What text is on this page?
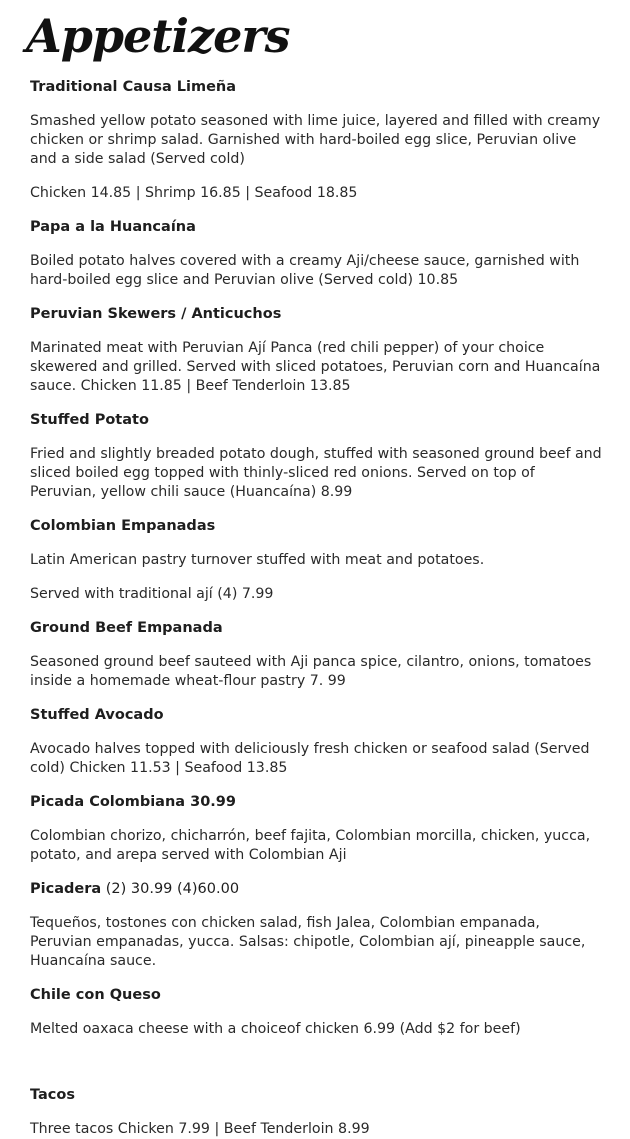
Appetizers
Traditional Causa Limeña
Smashed yellow potato seasoned with lime juice, layered and filled with creamy chicken or shrimp salad. Garnished with hard-boiled egg slice, Peruvian olive and a side salad (Served cold)
Chicken 14.85 | Shrimp 16.85 | Seafood 18.85
Papa a la Huancaína
Boiled potato halves covered with a creamy Aji/cheese sauce, garnished with hard-boiled egg slice and Peruvian olive (Served cold) 10.85
Peruvian Skewers / Anticuchos
Marinated meat with Peruvian Ají Panca (red chili pepper) of your choice skewered and grilled. Served with sliced potatoes, Peruvian corn and Huancaína sauce. Chicken 11.85 | Beef Tenderloin 13.85
Stuffed Potato
Fried and slightly breaded potato dough, stuffed with seasoned ground beef and sliced boiled egg topped with thinly-sliced red onions. Served on top of Peruvian, yellow chili sauce (Huancaína) 8.99
Colombian Empanadas
Latin American pastry turnover stuffed with meat and potatoes.
Served with traditional ají (4) 7.99
Ground Beef Empanada
Seasoned ground beef sauteed with Aji panca spice, cilantro, onions, tomatoes inside a homemade wheat-flour pastry 7. 99
Stuffed Avocado
Avocado halves topped with deliciously fresh chicken or seafood salad (Served cold) Chicken 11.53 | Seafood 13.85
Picada Colombiana 30.99
Colombian chorizo, chicharrón, beef fajita, Colombian morcilla, chicken, yucca, potato, and arepa served with Colombian Aji
Picadera (2) 30.99 (4)60.00
Tequeños, tostones con chicken salad, fish Jalea, Colombian empanada, Peruvian empanadas, yucca. Salsas: chipotle, Colombian ají, pineapple sauce, Huancaína sauce.
Chile con Queso
Melted oaxaca cheese with a choiceof chicken 6.99 (Add $2 for beef)
Tacos
Three tacos Chicken 7.99 | Beef Tenderloin 8.99
